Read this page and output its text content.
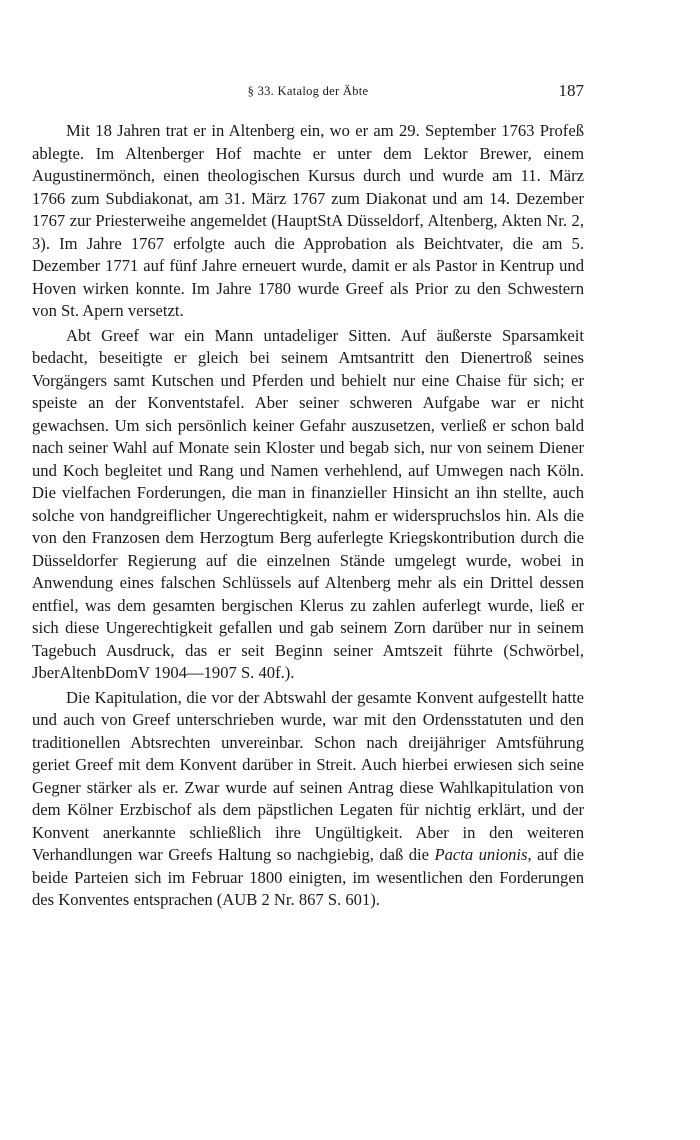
§ 33. Katalog der Äbte	187

Mit 18 Jahren trat er in Altenberg ein, wo er am 29. September 1763 Profeß ablegte. Im Altenberger Hof machte er unter dem Lektor Brewer, einem Augustinermönch, einen theologischen Kursus durch und wurde am 11. März 1766 zum Subdiakonat, am 31. März 1767 zum Diakonat und am 14. Dezember 1767 zur Priesterweihe angemeldet (HauptStA Düsseldorf, Altenberg, Akten Nr. 2, 3). Im Jahre 1767 erfolgte auch die Approbation als Beichtvater, die am 5. Dezember 1771 auf fünf Jahre erneuert wurde, damit er als Pastor in Kentrup und Hoven wirken konnte. Im Jahre 1780 wurde Greef als Prior zu den Schwestern von St. Apern versetzt.

Abt Greef war ein Mann untadeliger Sitten. Auf äußerste Sparsamkeit bedacht, beseitigte er gleich bei seinem Amtsantritt den Dienertroß seines Vorgängers samt Kutschen und Pferden und behielt nur eine Chaise für sich; er speiste an der Konventstafel. Aber seiner schweren Aufgabe war er nicht gewachsen. Um sich persönlich keiner Gefahr auszusetzen, verließ er schon bald nach seiner Wahl auf Monate sein Kloster und begab sich, nur von seinem Diener und Koch begleitet und Rang und Namen verhehlend, auf Umwegen nach Köln. Die vielfachen Forderungen, die man in finanzieller Hinsicht an ihn stellte, auch solche von handgreiflicher Ungerechtigkeit, nahm er widerspruchslos hin. Als die von den Franzosen dem Herzogtum Berg auferlegte Kriegskontribution durch die Düsseldorfer Regierung auf die einzelnen Stände umgelegt wurde, wobei in Anwendung eines falschen Schlüssels auf Altenberg mehr als ein Drittel dessen entfiel, was dem gesamten bergischen Klerus zu zahlen auferlegt wurde, ließ er sich diese Ungerechtigkeit gefallen und gab seinem Zorn darüber nur in seinem Tagebuch Ausdruck, das er seit Beginn seiner Amtszeit führte (Schwörbel, JberAltenbDomV 1904—1907 S. 40f.).

Die Kapitulation, die vor der Abtswahl der gesamte Konvent aufgestellt hatte und auch von Greef unterschrieben wurde, war mit den Ordensstatuten und den traditionellen Abtsrechten unvereinbar. Schon nach dreijähriger Amtsführung geriet Greef mit dem Konvent darüber in Streit. Auch hierbei erwiesen sich seine Gegner stärker als er. Zwar wurde auf seinen Antrag diese Wahlkapitulation von dem Kölner Erzbischof als dem päpstlichen Legaten für nichtig erklärt, und der Konvent anerkannte schließlich ihre Ungültigkeit. Aber in den weiteren Verhandlungen war Greefs Haltung so nachgiebig, daß die Pacta unionis, auf die beide Parteien sich im Februar 1800 einigten, im wesentlichen den Forderungen des Konventes entsprachen (AUB 2 Nr. 867 S. 601).
